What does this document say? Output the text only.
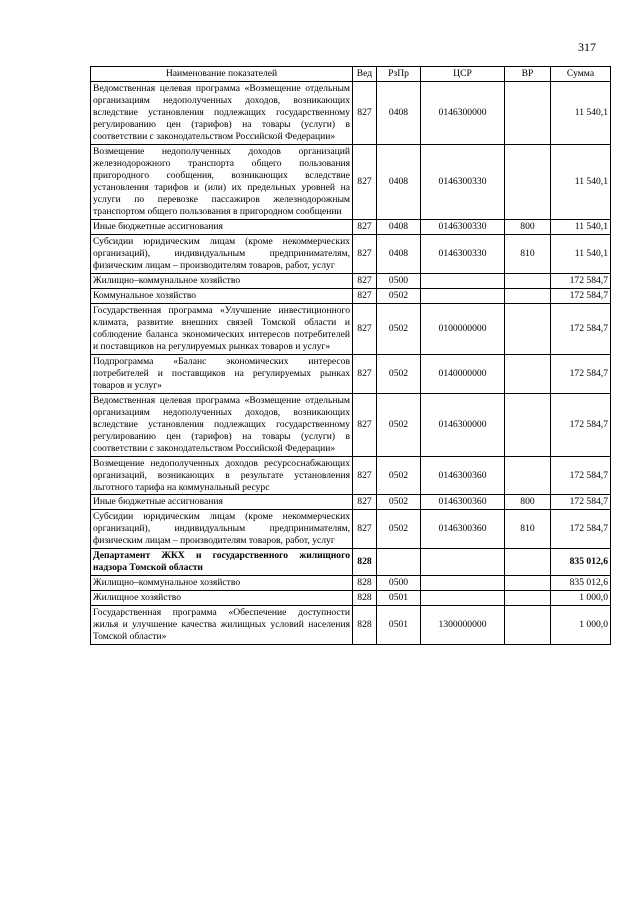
317
Наименование показателей	Вед	РзПр	ЦСР	ВР	Сумма
Ведомственная целевая программа «Возмещение отдельным организациям недополученных доходов, возникающих вследствие установления подлежащих государственному регулированию цен (тарифов) на товары (услуги) в соответствии с законодательством Российской Федерации»	827	0408	0146300000		11 540,1
Возмещение недополученных доходов организаций железнодорожного транспорта общего пользования пригородного сообщения, возникающих вследствие установления тарифов и (или) их предельных уровней на услуги по перевозке пассажиров железнодорожным транспортом общего пользования в пригородном сообщении	827	0408	0146300330		11 540,1
Иные бюджетные ассигнования	827	0408	0146300330	800	11 540,1
Субсидии юридическим лицам (кроме некоммерческих организаций), индивидуальным предпринимателям, физическим лицам – производителям товаров, работ, услуг	827	0408	0146300330	810	11 540,1
Жилищно–коммунальное хозяйство	827	0500			172 584,7
Коммунальное хозяйство	827	0502			172 584,7
Государственная программа «Улучшение инвестиционного климата, развитие внешних связей Томской области и соблюдение баланса экономических интересов потребителей и поставщиков на регулируемых рынках товаров и услуг»	827	0502	0100000000		172 584,7
Подпрограмма «Баланс экономических интересов потребителей и поставщиков на регулируемых рынках товаров и услуг»	827	0502	0140000000		172 584,7
Ведомственная целевая программа «Возмещение отдельным организациям недополученных доходов, возникающих вследствие установления подлежащих государственному регулированию цен (тарифов) на товары (услуги) в соответствии с законодательством Российской Федерации»	827	0502	0146300000		172 584,7
Возмещение недополученных доходов ресурсоснабжающих организаций, возникающих в результате установления льготного тарифа на коммунальный ресурс	827	0502	0146300360		172 584,7
Иные бюджетные ассигнования	827	0502	0146300360	800	172 584,7
Субсидии юридическим лицам (кроме некоммерческих организаций), индивидуальным предпринимателям, физическим лицам – производителям товаров, работ, услуг	827	0502	0146300360	810	172 584,7
Департамент ЖКХ и государственного жилищного надзора Томской области	828				835 012,6
Жилищно–коммунальное хозяйство	828	0500			835 012,6
Жилищное хозяйство	828	0501			1 000,0
Государственная программа «Обеспечение доступности жилья и улучшение качества жилищных условий населения Томской области»	828	0501	1300000000		1 000,0
